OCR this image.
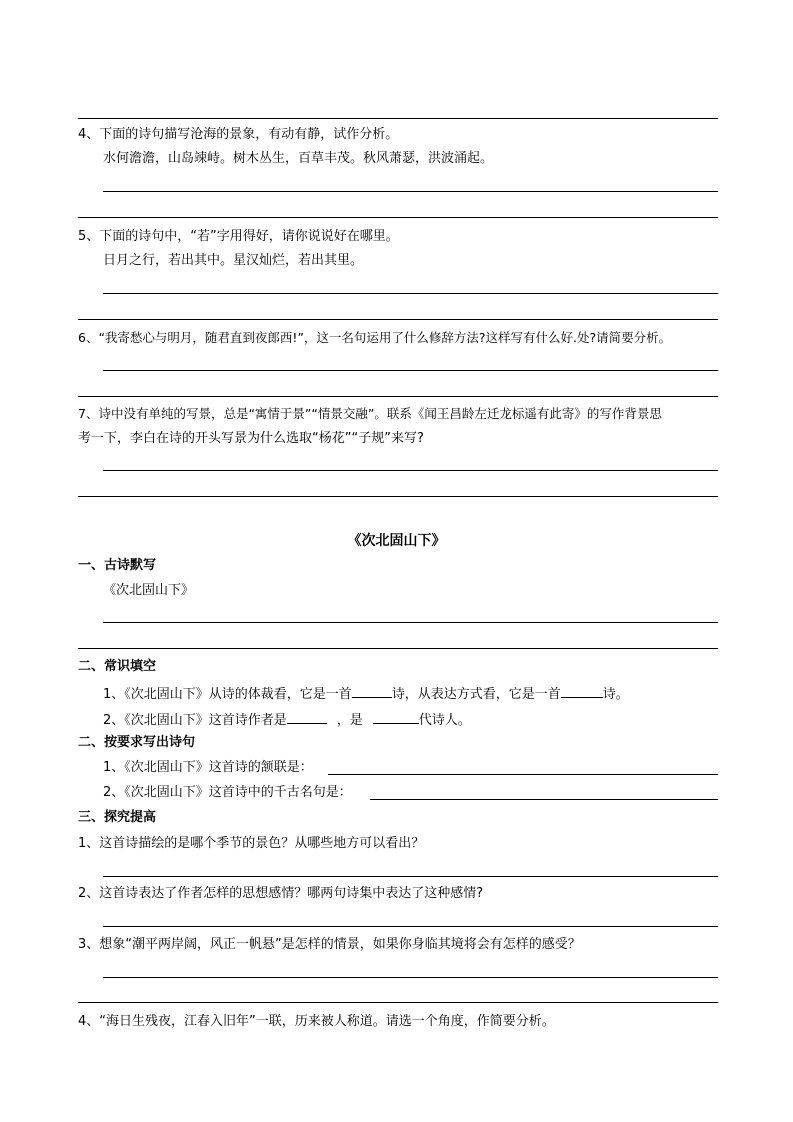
4、下面的诗句描写沧海的景象，有动有静，试作分析。
水何澹澹，山岛竦峙。树木丛生，百草丰茂。秋风萧瑟，洪波涌起。
5、下面的诗句中，“若”字用得好，请你说说好在哪里。
日月之行，若出其中。星汉灿烂，若出其里。
6、“我寄愁心与明月，随君直到夜郎西!”，这一名句运用了什么修辞方法?这样写有什么好.处?请简要分析。
7、诗中没有单纯的写景，总是“寓情于景”“情景交融”。联系《闻王昌龄左迁龙标遥有此寄》的写作背景思
考一下，李白在诗的开头写景为什么选取“杨花”“子规”来写?
《次北固山下》
一、古诗默写
《次北固山下》
二、常识填空
1、《次北固山下》从诗的体裁看，它是一首	诗，从表达方式看，它是一首	诗。
2、《次北固山下》这首诗作者是	，是	代诗人。
二、按要求写出诗句
1、《次北固山下》这首诗的颔联是：
2、《次北固山下》这首诗中的千古名句是：
三、探究提高
1、这首诗描绘的是哪个季节的景色？从哪些地方可以看出？
2、这首诗表达了作者怎样的思想感情？哪两句诗集中表达了这种感情?
3、想象“潮平两岸阔，风正一帆悬”是怎样的情景，如果你身临其境将会有怎样的感受？
4、“海日生残夜，江春入旧年”一联，历来被人称道。请选一个角度，作简要分析。
